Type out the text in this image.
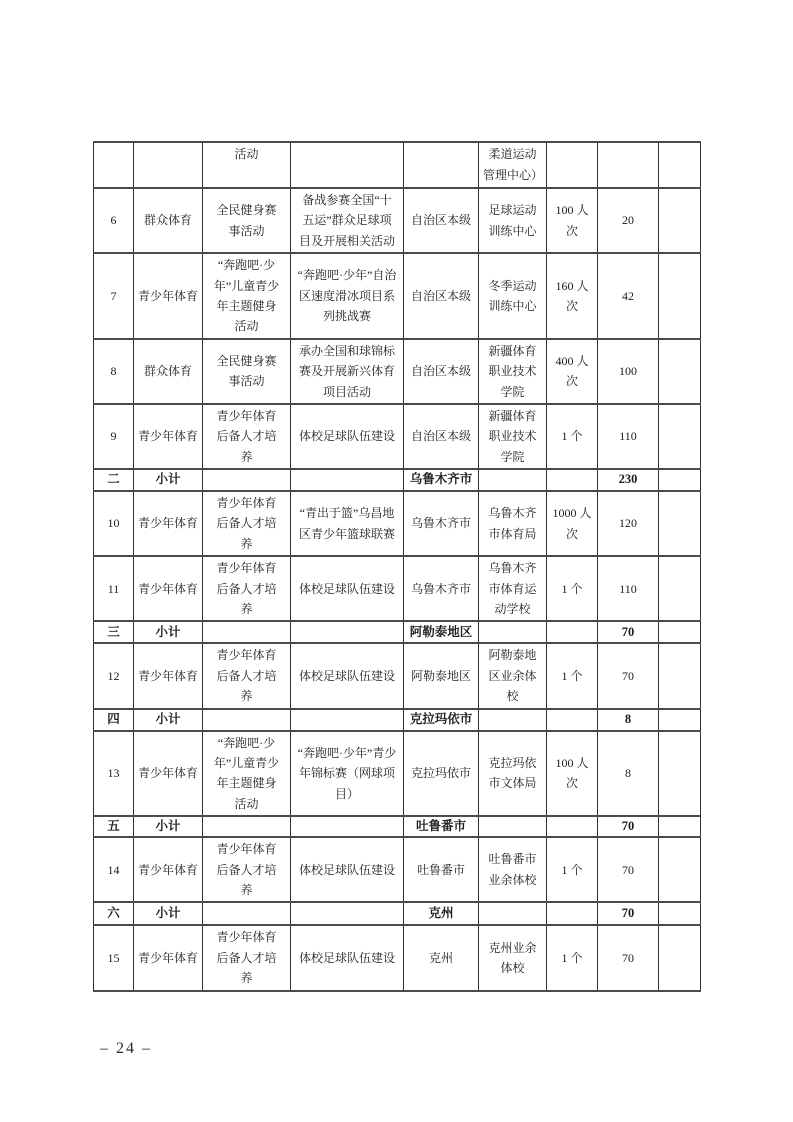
		活动			柔道运动管理中心）			
6	群众体育	全民健身赛事活动	备战参赛全国“十五运”群众足球项目及开展相关活动	自治区本级	足球运动训练中心	100 人次	20	
7	青少年体育	“奔跑吧·少年”儿童青少年主题健身活动	“奔跑吧·少年”自治区速度滑冰项目系列挑战赛	自治区本级	冬季运动训练中心	160 人次	42	
8	群众体育	全民健身赛事活动	承办全国和球锦标赛及开展新兴体育项目活动	自治区本级	新疆体育职业技术学院	400 人次	100	
9	青少年体育	青少年体育后备人才培养	体校足球队伍建设	自治区本级	新疆体育职业技术学院	1 个	110	
二	小计			乌鲁木齐市			230	
10	青少年体育	青少年体育后备人才培养	“青出于篮”乌昌地区青少年篮球联赛	乌鲁木齐市	乌鲁木齐市体育局	1000 人次	120	
11	青少年体育	青少年体育后备人才培养	体校足球队伍建设	乌鲁木齐市	乌鲁木齐市体育运动学校	1 个	110	
三	小计			阿勒泰地区			70	
12	青少年体育	青少年体育后备人才培养	体校足球队伍建设	阿勒泰地区	阿勒泰地区业余体校	1 个	70	
四	小计			克拉玛依市			8	
13	青少年体育	“奔跑吧·少年”儿童青少年主题健身活动	“奔跑吧·少年”青少年锦标赛（网球项目）	克拉玛依市	克拉玛依市文体局	100 人次	8	
五	小计			吐鲁番市			70	
14	青少年体育	青少年体育后备人才培养	体校足球队伍建设	吐鲁番市	吐鲁番市业余体校	1 个	70	
六	小计			克州			70	
15	青少年体育	青少年体育后备人才培养	体校足球队伍建设	克州	克州业余体校	1 个	70	
– 24 –
